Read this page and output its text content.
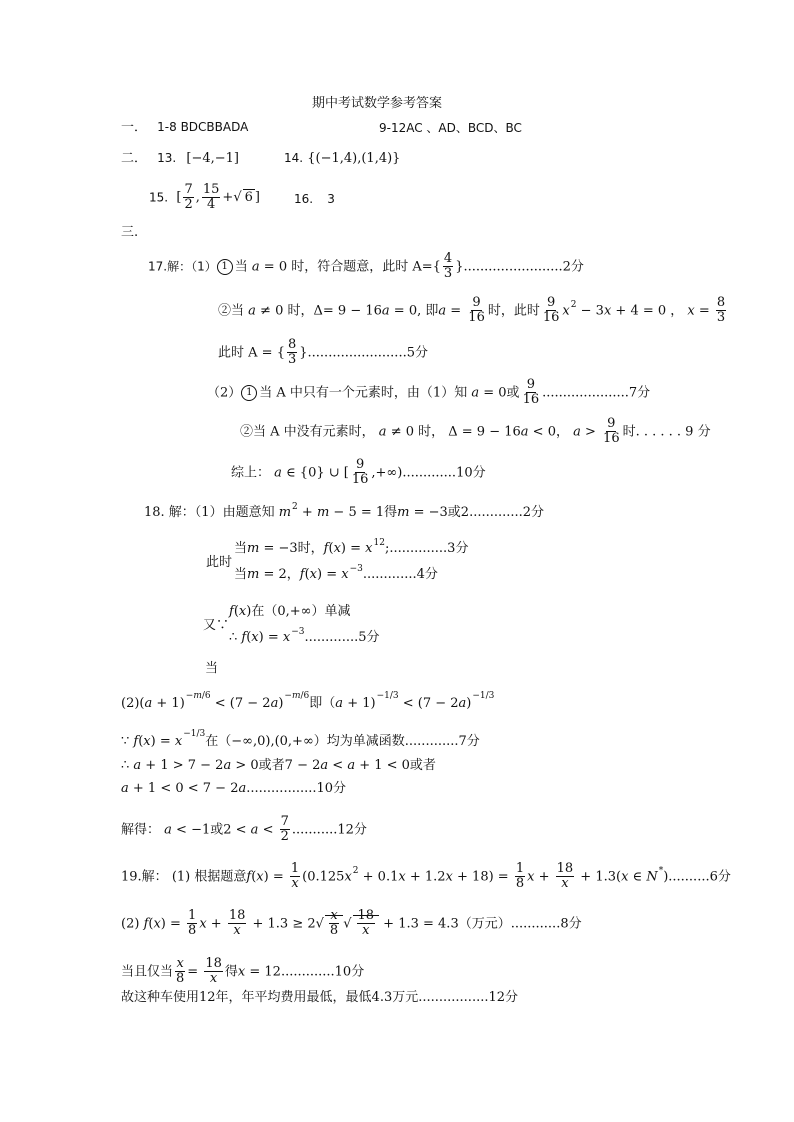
期中考试数学参考答案
一． 1-8 BDCBBADA	9-12AC 、AD、BCD、BC
二． 13. [−4,−1]	14. {(−1,4),(1,4)}
15.  [ $\frac{7}{2}$ , $\frac{15}{4}$ +√ 6 ]	16. 3
三.
17.解：（1） 1 当 a = 0 时，符合题意，此时 $A=\{ \frac{4}{3} \}........................2$分
②当 a ≠ 0 时，Δ= 9 − 16a = 0, 即$a = \frac{9}{16}$ 时，此时 $\frac{9}{16} x^2 - 3x + 4 = 0$ ， $x = \frac{8}{3}$
此时 A = { $\frac{8}{3} \}........................5$分
（2） 1 当 A 中只有一个元素时，由（1）知 a = 0或 $\frac{9}{16} .....................7$分
②当 A 中没有元素时， a ≠ 0 时， Δ = 9 − 16a < 0， $a > \frac{9}{16}$ 时. . . . . . 9 分
综上： a ∈ {0} ∪ [ $\frac{9}{16} ,+\infty).............10$分
18. 解：（1）由题意知 $m^2 + m - 5 = 1$得m = −3或2.............2分
此时
当m = −3时，$f(x) = x^{12};..............3$分
当m = 2，$f(x) = x^{-3}.............4$分
又∵
f(x)在（0,+∞）单减
∴ $f(x) = x^{-3}.............5$分
当
$(2)(a + 1)^{-m/6} < (7 - 2a)^{-m/6}$即$(a + 1)^{-1/3} < (7 - 2a)^{-1/3}$
∵ $f(x) = x^{-1/3}$在（−∞,0),(0,+∞）均为单减函数.............7分
∴ a + 1 > 7 − 2a > 0或者7 − 2a < a + 1 < 0或者
a + 1 < 0 < 7 − 2a.................10分
解得： a < −1或$2 < a < \frac{7}{2} ...........12$分
19.解： (1) 根据题意$f(x) = \frac{1}{x} (0.125x^2 + 0.1x + 1.2x + 18) = \frac{1}{8}$ $x + \frac{18}{x} + 1.3(x$ ∈ N*)..........6分
(2) $f(x) = \frac{1}{8}$ $x + \frac{18}{x} + 1.3 \ge 2√ \frac{x}{8}$ √ $\frac{18}{x} + 1.3 = 4.3$（万元）............8分
当且仅当 $\frac{x}{8} = \frac{18}{x}$ 得x = 12.............10分
故这种车使用12年，年平均费用最低，最低4.3万元.................12分
